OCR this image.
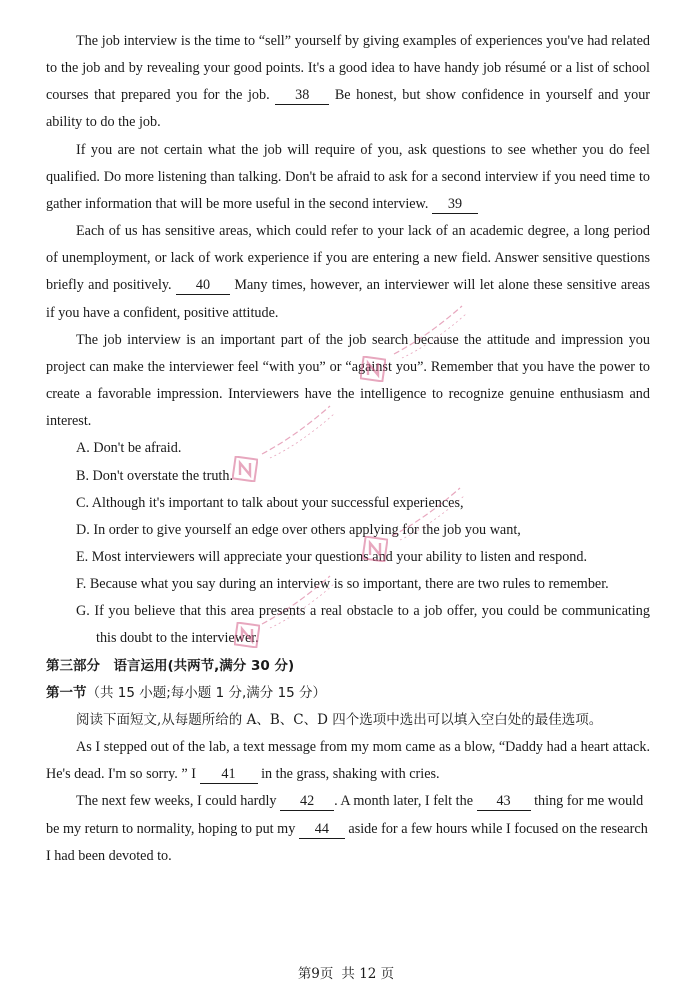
The job interview is the time to “sell” yourself by giving examples of experiences you've had related to the job and by revealing your good points. It's a good idea to have handy job résumé or a list of school courses that prepared you for the job. 38 Be honest, but show confidence in yourself and your ability to do the job.

If you are not certain what the job will require of you, ask questions to see whether you do feel qualified. Do more listening than talking. Don't be afraid to ask for a second interview if you need time to gather information that will be more useful in the second interview. 39

Each of us has sensitive areas, which could refer to your lack of an academic degree, a long period of unemployment, or lack of work experience if you are entering a new field. Answer sensitive questions briefly and positively. 40 Many times, however, an interviewer will let alone these sensitive areas if you have a confident, positive attitude.

The job interview is an important part of the job search because the attitude and impression you project can make the interviewer feel “with you” or “against you”. Remember that you have the power to create a favorable impression. Interviewers have the intelligence to recognize genuine enthusiasm and interest.

A. Don't be afraid.
B. Don't overstate the truth.
C. Although it's important to talk about your successful experiences,
D. In order to give yourself an edge over others applying for the job you want,
E. Most interviewers will appreciate your questions and your ability to listen and respond.
F. Because what you say during an interview is so important, there are two rules to remember.
G. If you believe that this area presents a real obstacle to a job offer, you could be communicating this doubt to the interviewer.
第三部分　语言运用(共两节,满分 30 分)
第一节（共 15 小题;每小题 1 分,满分 15 分）

阅读下面短文,从每题所给的 A、B、C、D 四个选项中选出可以填入空白处的最佳选项。

As I stepped out of the lab, a text message from my mom came as a blow, “Daddy had a heart attack. He's dead. I'm so sorry. ” I 41 in the grass, shaking with cries.

The next few weeks, I could hardly 42 . A month later, I felt the 43 thing for me would be my return to normality, hoping to put my 44 aside for a few hours while I focused on the research I had been devoted to.

第9页 共 12 页
